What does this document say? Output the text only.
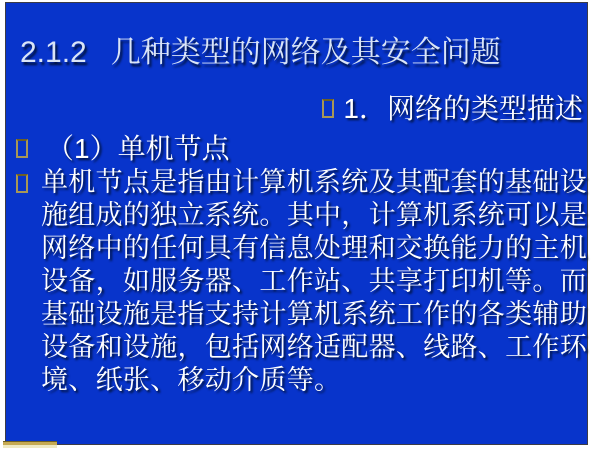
2.1.2 几种类型的网络及其安全问题
1．网络的类型描述
（1）单机节点
单机节点是指由计算机系统及其配套的基础设
施组成的独立系统。其中，计算机系统可以是
网络中的任何具有信息处理和交换能力的主机
设备，如服务器、工作站、共享打印机等。而
基础设施是指支持计算机系统工作的各类辅助
设备和设施，包括网络适配器、线路、工作环
境、纸张、移动介质等。
